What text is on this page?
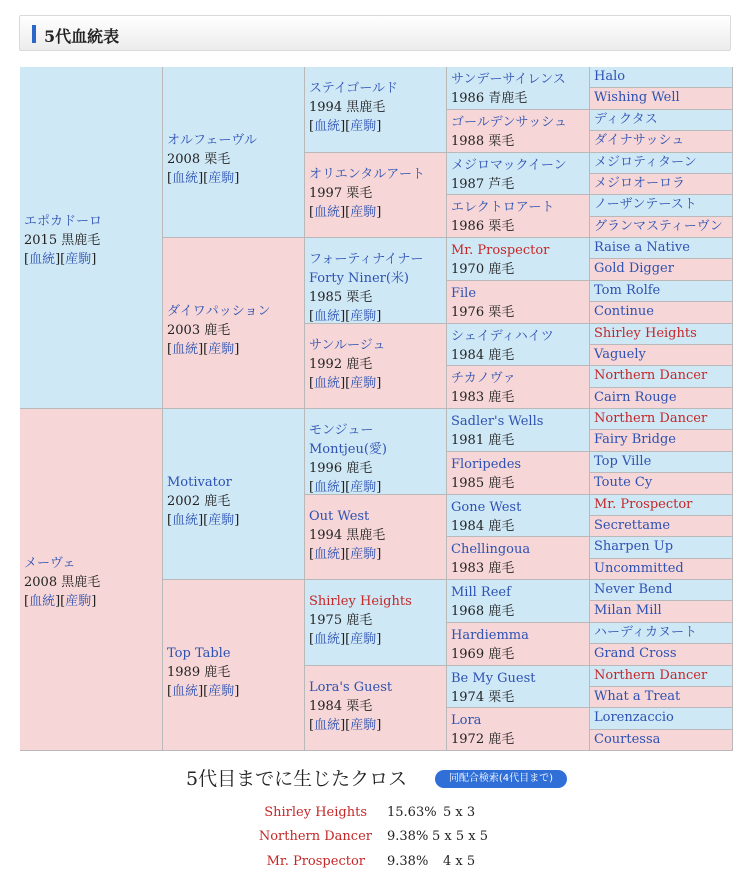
5代血統表
エポカドーロ
2015 黒鹿毛
[血統][産駒]
メーヴェ
2008 黒鹿毛
[血統][産駒]
オルフェーヴル
2008 栗毛
[血統][産駒]
ダイワパッション
2003 鹿毛
[血統][産駒]
Motivator
2002 鹿毛
[血統][産駒]
Top Table
1989 鹿毛
[血統][産駒]
ステイゴールド
1994 黒鹿毛
[血統][産駒]
オリエンタルアート
1997 栗毛
[血統][産駒]
フォーティナイナー Forty Niner(米)
1985 栗毛
[血統][産駒]
サンルージュ
1992 鹿毛
[血統][産駒]
モンジュー Montjeu(愛)
1996 鹿毛
[血統][産駒]
Out West
1994 黒鹿毛
[血統][産駒]
Shirley Heights
1975 鹿毛
[血統][産駒]
Lora's Guest
1984 栗毛
[血統][産駒]
サンデーサイレンス
1986 青鹿毛
ゴールデンサッシュ
1988 栗毛
メジロマックイーン
1987 芦毛
エレクトロアート
1986 栗毛
Mr. Prospector
1970 鹿毛
File
1976 栗毛
シェイディハイツ
1984 鹿毛
チカノヴァ
1983 鹿毛
Sadler's Wells
1981 鹿毛
Floripedes
1985 鹿毛
Gone West
1984 鹿毛
Chellingoua
1983 鹿毛
Mill Reef
1968 鹿毛
Hardiemma
1969 鹿毛
Be My Guest
1974 栗毛
Lora
1972 鹿毛
Halo
Wishing Well
ディクタス
ダイナサッシュ
メジロティターン
メジロオーロラ
ノーザンテースト
グランマスティーヴン
Raise a Native
Gold Digger
Tom Rolfe
Continue
Shirley Heights
Vaguely
Northern Dancer
Cairn Rouge
Northern Dancer
Fairy Bridge
Top Ville
Toute Cy
Mr. Prospector
Secrettame
Sharpen Up
Uncommitted
Never Bend
Milan Mill
ハーディカヌート
Grand Cross
Northern Dancer
What a Treat
Lorenzaccio
Courtessa
5代目までに生じたクロス	同配合検索(4代目まで)
Shirley Heights 15.63% 5 x 3
Northern Dancer 9.38% 5 x 5 x 5
Mr. Prospector 9.38% 4 x 5
